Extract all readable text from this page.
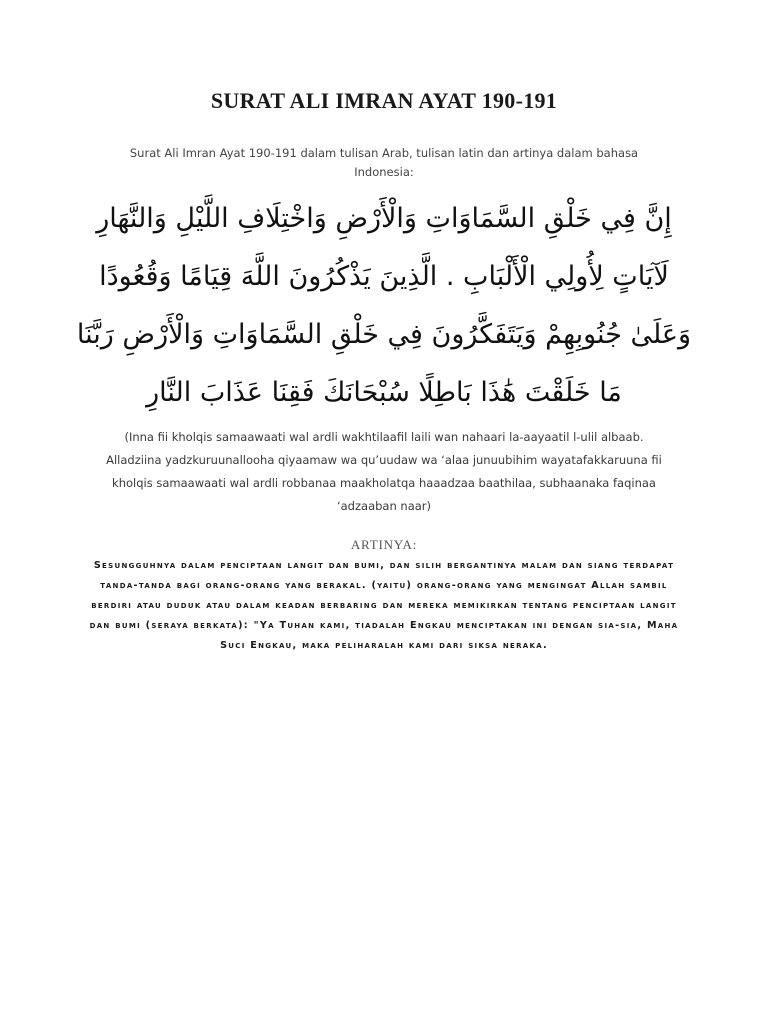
SURAT ALI IMRAN AYAT 190-191
Surat Ali Imran Ayat 190-191 dalam tulisan Arab, tulisan latin dan artinya dalam bahasa Indonesia:
إِنَّ فِي خَلْقِ السَّمَاوَاتِ وَالْأَرْضِ وَاخْتِلَافِ اللَّيْلِ وَالنَّهَارِ لَآيَاتٍ لِأُولِي الْأَلْبَابِ . الَّذِينَ يَذْكُرُونَ اللَّهَ قِيَامًا وَقُعُودًا وَعَلَىٰ جُنُوبِهِمْ وَيَتَفَكَّرُونَ فِي خَلْقِ السَّمَاوَاتِ وَالْأَرْضِ رَبَّنَا مَا خَلَقْتَ هَٰذَا بَاطِلًا سُبْحَانَكَ فَقِنَا عَذَابَ النَّارِ
(Inna fii kholqis samaawaati wal ardli wakhtilaafil laili wan nahaari la-aayaatil l-ulil albaab. Alladziina yadzkuruunallooha qiyaamaw wa qu’uudaw wa ‘alaa junuubihim wayatafakkaruuna fii kholqis samaawaati wal ardli robbanaa maakholatqa haaadzaa baathilaa, subhaanaka faqinaa ‘adzaaban naar)
ARTINYA:
Sesungguhnya dalam penciptaan langit dan bumi, dan silih bergantinya malam dan siang terdapat tanda-tanda bagi orang-orang yang berakal. (yaitu) orang-orang yang mengingat Allah sambil berdiri atau duduk atau dalam keadan berbaring dan mereka memikirkan tentang penciptaan langit dan bumi (seraya berkata): "Ya Tuhan kami, tiadalah Engkau menciptakan ini dengan sia-sia, Maha Suci Engkau, maka peliharalah kami dari siksa neraka.
